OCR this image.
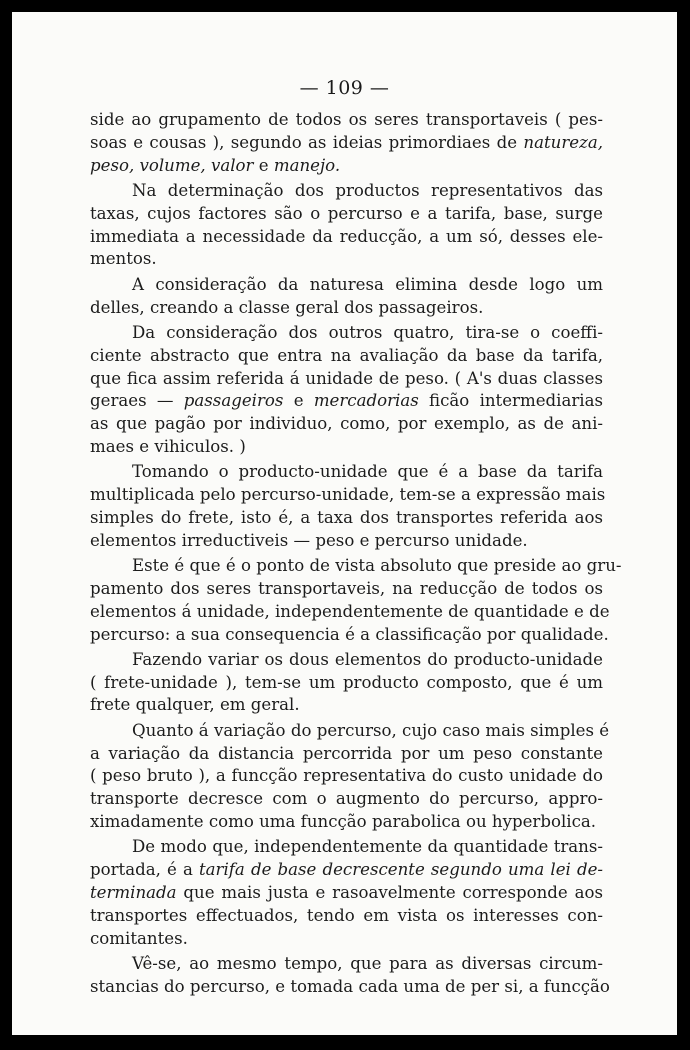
— 109 —
side ao grupamento de todos os seres transportaveis ( pes-
soas e cousas ), segundo as ideias primordiaes de natureza,
peso, volume, valor e manejo.
Na determinação dos productos representativos das
taxas, cujos factores são o percurso e a tarifa, base, surge
immediata a necessidade da reducção, a um só, desses ele-
mentos.
A consideração da naturesa elimina desde logo um
delles, creando a classe geral dos passageiros.
Da consideração dos outros quatro, tira-se o coeffi-
ciente abstracto que entra na avaliação da base da tarifa,
que fica assim referida á unidade de peso. ( A's duas classes
geraes — passageiros e mercadorias ficão intermediarias
as que pagão por individuo, como, por exemplo, as de ani-
maes e vihiculos. )
Tomando o producto-unidade que é a base da tarifa
multiplicada pelo percurso-unidade, tem-se a expressão mais
simples do frete, isto é, a taxa dos transportes referida aos
elementos irreductiveis — peso e percurso unidade.
Este é que é o ponto de vista absoluto que preside ao gru-
pamento dos seres transportaveis, na reducção de todos os
elementos á unidade, independentemente de quantidade e de
percurso: a sua consequencia é a classificação por qualidade.
Fazendo variar os dous elementos do producto-unidade
( frete-unidade ), tem-se um producto composto, que é um
frete qualquer, em geral.
Quanto á variação do percurso, cujo caso mais simples é
a variação da distancia percorrida por um peso constante
( peso bruto ), a funcção representativa do custo unidade do
transporte decresce com o augmento do percurso, appro-
ximadamente como uma funcção parabolica ou hyperbolica.
De modo que, independentemente da quantidade trans-
portada, é a tarifa de base decrescente segundo uma lei de-
terminada que mais justa e rasoavelmente corresponde aos
transportes effectuados, tendo em vista os interesses con-
comitantes.
Vê-se, ao mesmo tempo, que para as diversas circum-
stancias do percurso, e tomada cada uma de per si, a funcção
